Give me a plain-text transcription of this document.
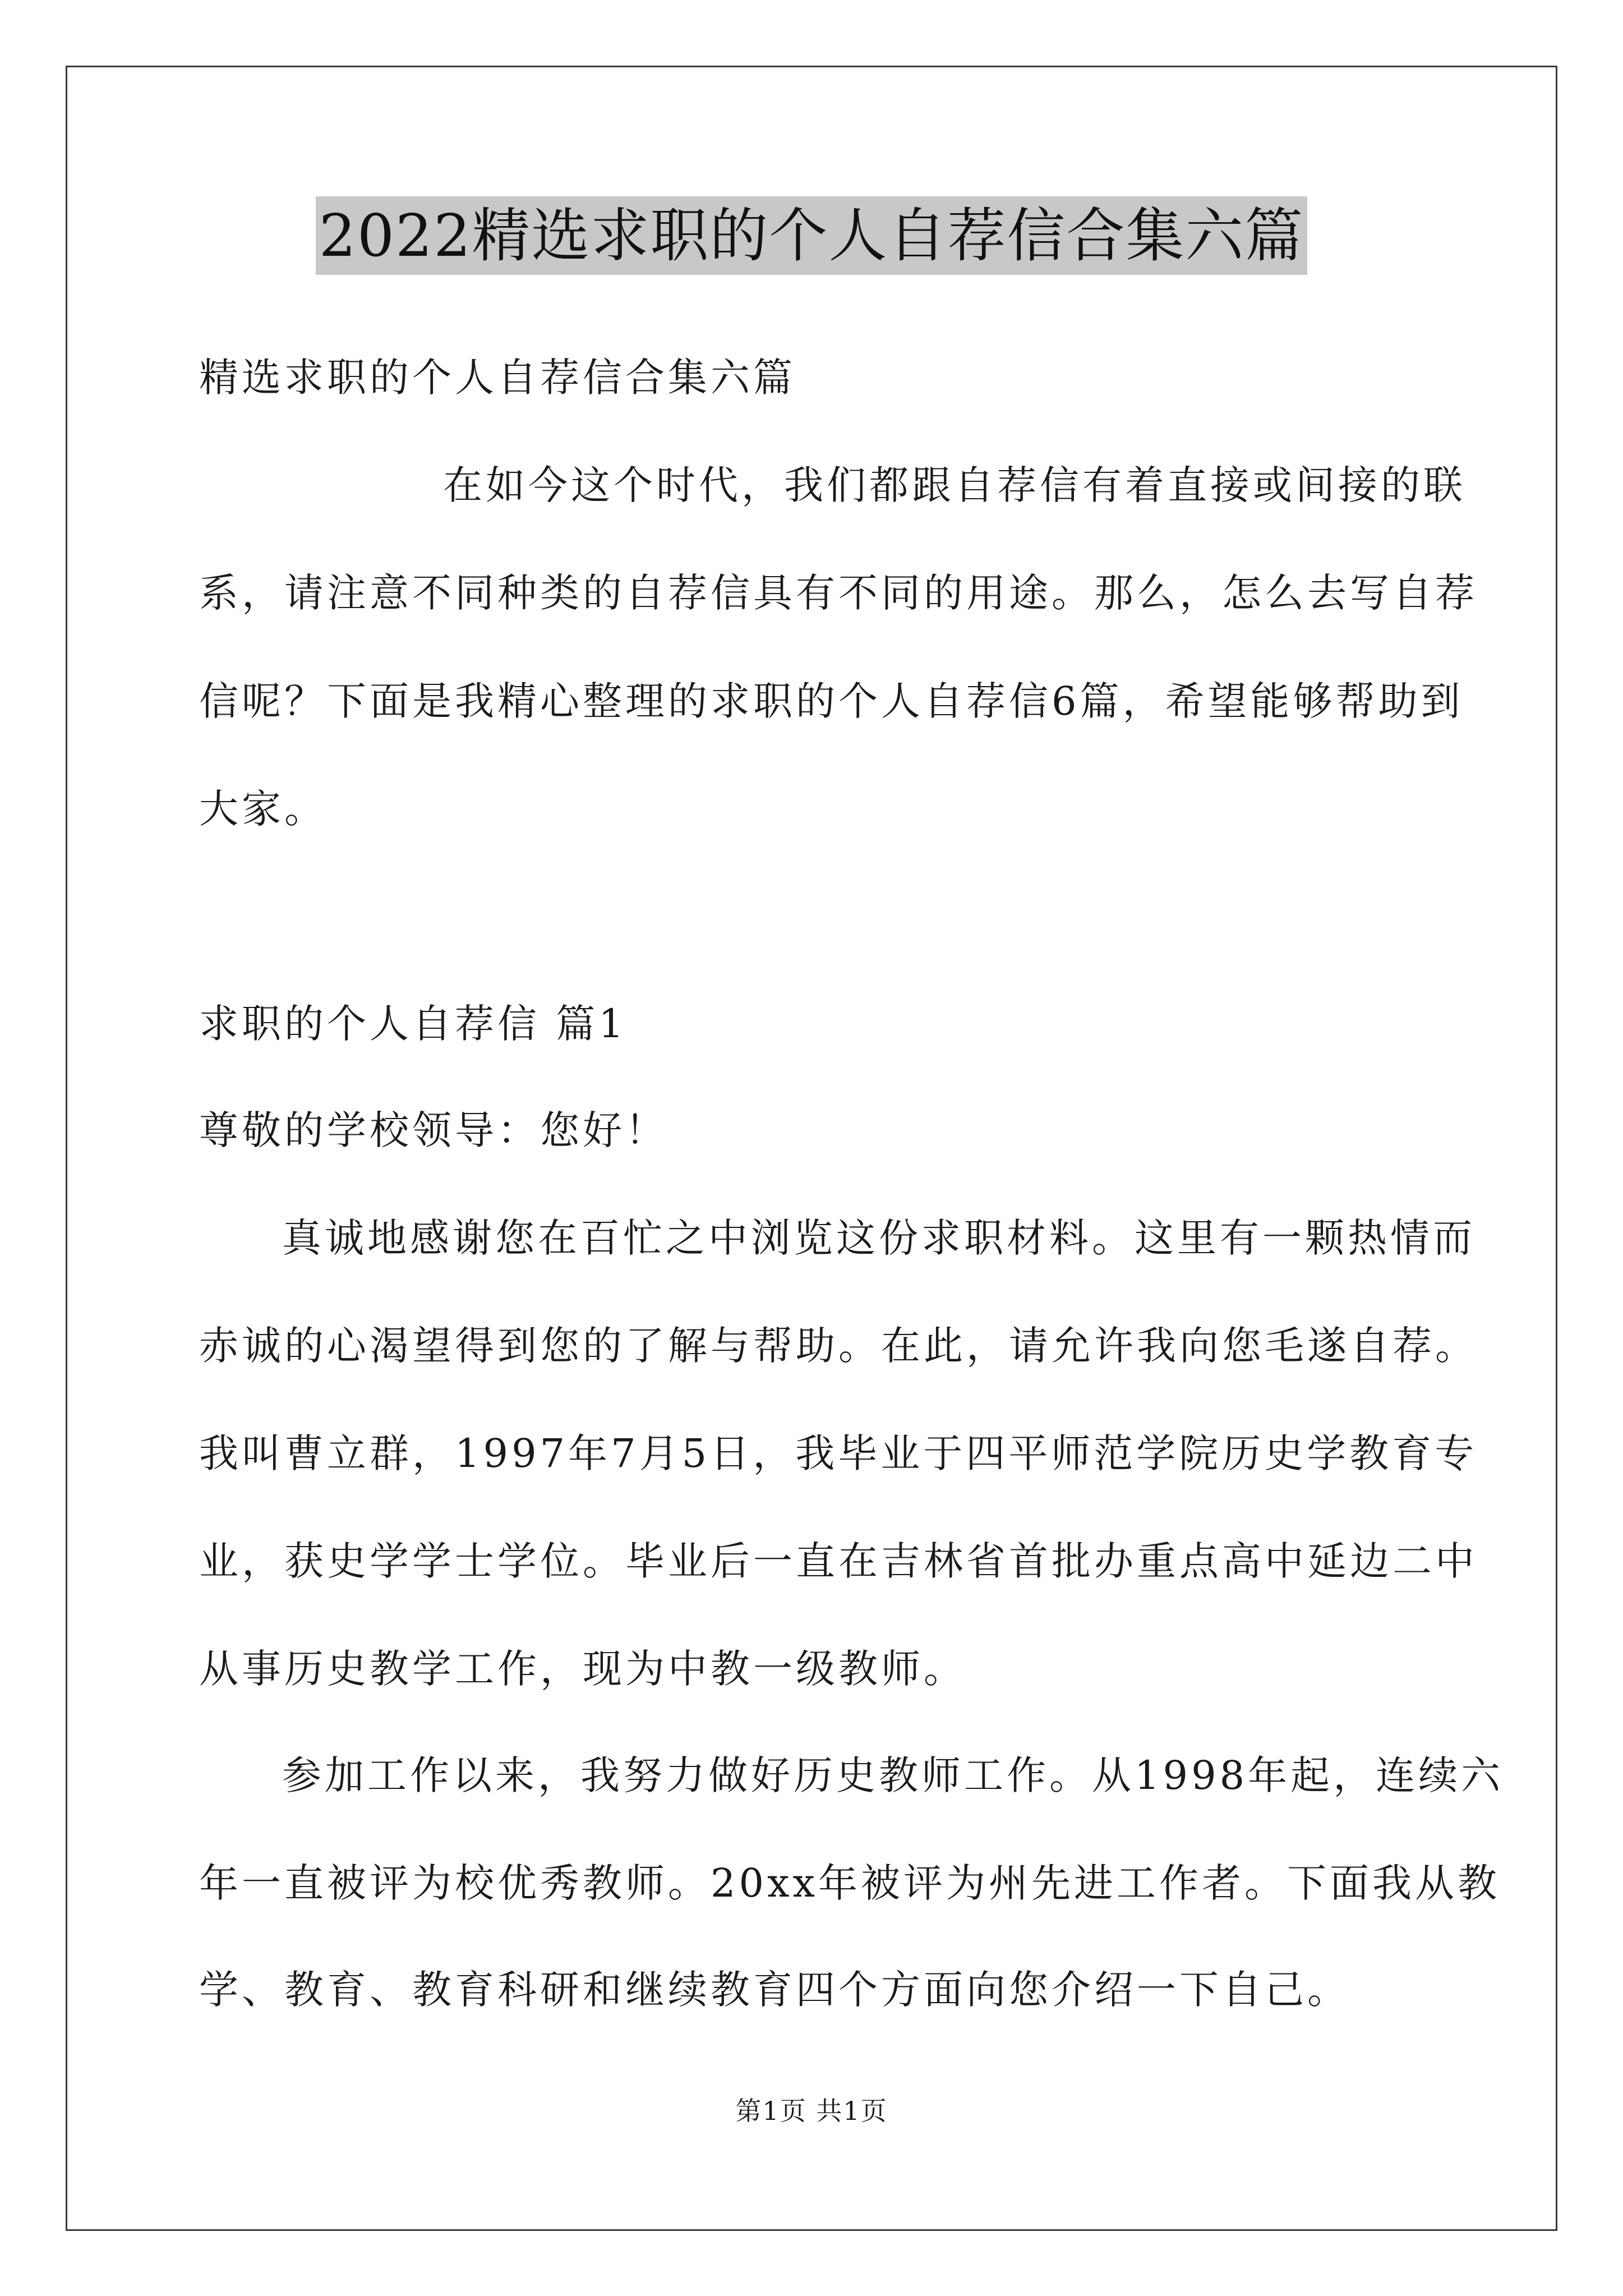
2022精选求职的个人自荐信合集六篇
精选求职的个人自荐信合集六篇
在如今这个时代，我们都跟自荐信有着直接或间接的联
系，请注意不同种类的自荐信具有不同的用途。那么，怎么去写自荐
信呢？下面是我精心整理的求职的个人自荐信6篇，希望能够帮助到
大家。
求职的个人自荐信 篇1
尊敬的学校领导：您好！
真诚地感谢您在百忙之中浏览这份求职材料。这里有一颗热情而
赤诚的心渴望得到您的了解与帮助。在此，请允许我向您毛遂自荐。
我叫曹立群，1997年7月5日，我毕业于四平师范学院历史学教育专
业，获史学学士学位。毕业后一直在吉林省首批办重点高中延边二中
从事历史教学工作，现为中教一级教师。
参加工作以来，我努力做好历史教师工作。从1998年起，连续六
年一直被评为校优秀教师。20xx年被评为州先进工作者。下面我从教
学、教育、教育科研和继续教育四个方面向您介绍一下自己。
第1页 共1页
